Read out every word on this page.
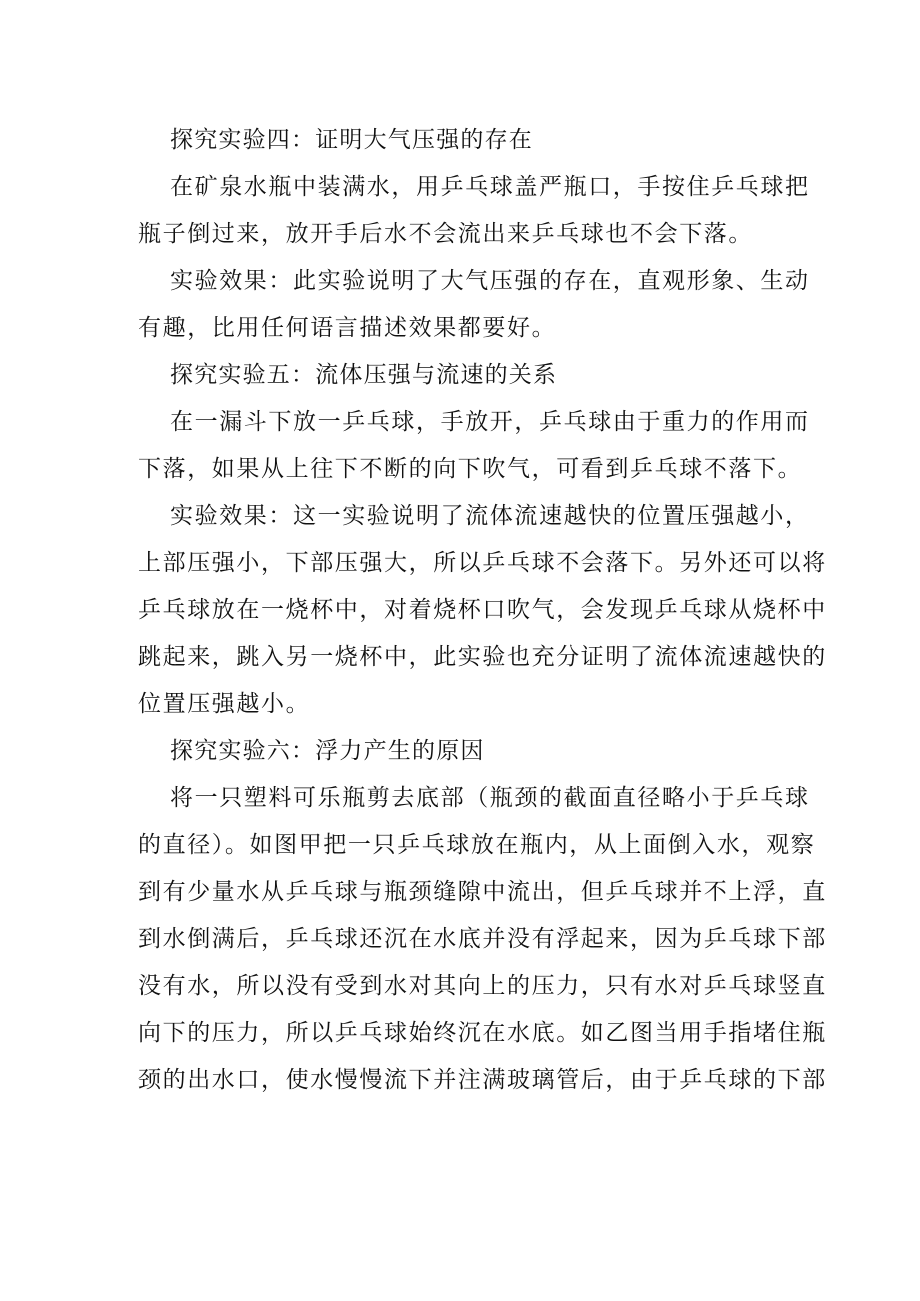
探究实验四：证明大气压强的存在
在矿泉水瓶中装满水，用乒乓球盖严瓶口，手按住乒乓球把
瓶子倒过来，放开手后水不会流出来乒乓球也不会下落。
实验效果：此实验说明了大气压强的存在，直观形象、生动
有趣，比用任何语言描述效果都要好。
探究实验五：流体压强与流速的关系
在一漏斗下放一乒乓球，手放开，乒乓球由于重力的作用而
下落，如果从上往下不断的向下吹气，可看到乒乓球不落下。
实验效果：这一实验说明了流体流速越快的位置压强越小，
上部压强小，下部压强大，所以乒乓球不会落下。另外还可以将
乒乓球放在一烧杯中，对着烧杯口吹气，会发现乒乓球从烧杯中
跳起来，跳入另一烧杯中，此实验也充分证明了流体流速越快的
位置压强越小。
探究实验六：浮力产生的原因
将一只塑料可乐瓶剪去底部（瓶颈的截面直径略小于乒乓球
的直径）。如图甲把一只乒乓球放在瓶内，从上面倒入水，观察
到有少量水从乒乓球与瓶颈缝隙中流出，但乒乓球并不上浮，直
到水倒满后，乒乓球还沉在水底并没有浮起来，因为乒乓球下部
没有水，所以没有受到水对其向上的压力，只有水对乒乓球竖直
向下的压力，所以乒乓球始终沉在水底。如乙图当用手指堵住瓶
颈的出水口，使水慢慢流下并注满玻璃管后，由于乒乓球的下部
